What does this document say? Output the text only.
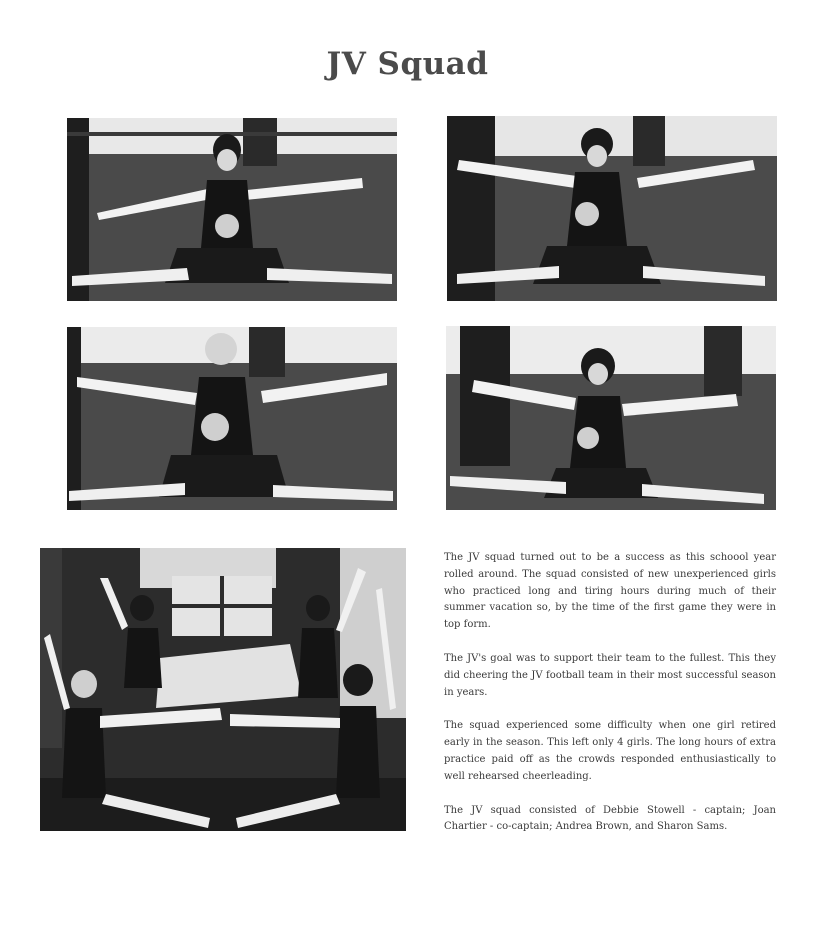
JV Squad

The JV squad turned out to be a success as this schoool year rolled around. The squad consisted of new unexperienced girls who practiced long and tiring hours during much of their summer vacation so, by the time of the first game they were in top form.

The JV's goal was to support their team to the fullest. This they did cheering the JV football team in their most successful season in years.

The squad experienced some difficulty when one girl retired early in the season. This left only 4 girls. The long hours of extra practice paid off as the crowds responded enthusiastically to well rehearsed cheerleading.

The JV squad consisted of Debbie Stowell - captain; Joan Chartier - co-captain; Andrea Brown, and Sharon Sams.
